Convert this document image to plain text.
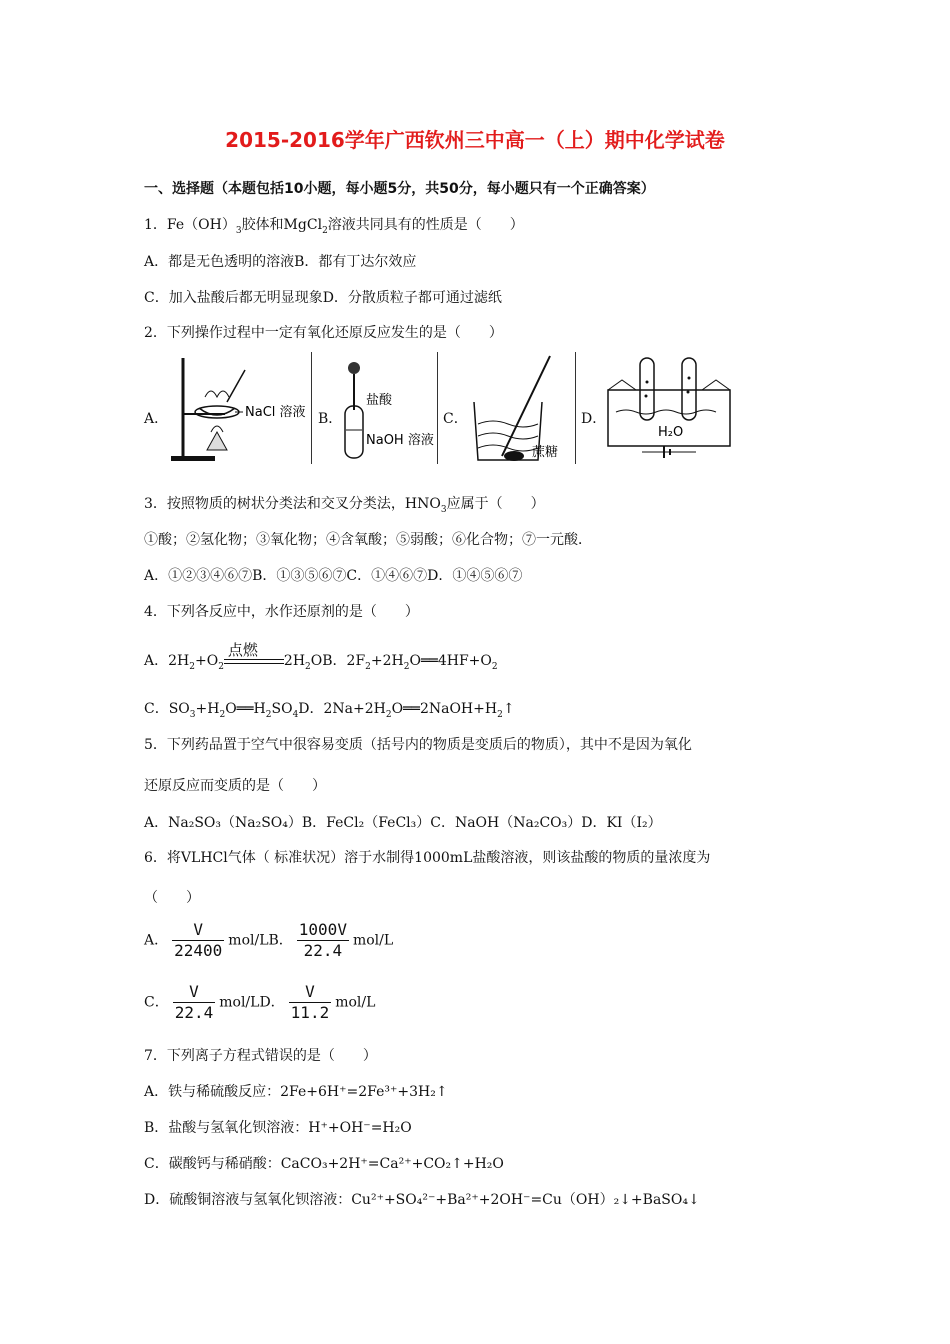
2015-2016学年广西钦州三中高一（上）期中化学试卷
一、选择题（本题包括10小题，每小题5分，共50分，每小题只有一个正确答案）
1．$Fe(OH)_3$胶体和MgCl$_2$溶液共同具有的性质是（　　）
A．都是无色透明的溶液B．都有丁达尔效应
C．加入盐酸后都无明显现象D．分散质粒子都可通过滤纸
2．下列操作过程中一定有氧化还原反应发生的是（　　）
A．	NaCl 溶液 B．
盐酸
NaOH 溶液
C．
蔗糖
D．
H₂O
3．按照物质的树状分类法和交叉分类法，$HNO_3$应属于（　　）
①酸；②氢化物；③氧化物；④含氧酸；⑤弱酸；⑥化合物；⑦一元酸．
A．①②③④⑥⑦B．①③⑤⑥⑦C．①④⑥⑦D．①④⑤⑥⑦
4．下列各反应中，水作还原剂的是（　　）
A．$2H_2+O_2$
点燃
$2H_2OB$．$2F_2+2H_2O══4HF+O_2$
C．$SO_3+H_2O══H_2SO_4D$．$2Na+2H_2O══2NaOH+H_2↑$
5．下列药品置于空气中很容易变质（括号内的物质是变质后的物质），其中不是因为氧化
还原反应而变质的是（　　）
A．Na₂SO₃（Na₂SO₄）B．FeCl₂（FeCl₃）C．NaOH（Na₂CO₃）D．KI（I₂）
6．将VLHCl气体（ 标准状况）溶于水制得1000mL盐酸溶液，则该盐酸的物质的量浓度为
（　　）
A． $\frac{V}{22400} mol/LB$． $\frac{1000V}{22.4} mol/L$
C． $\frac{V}{22.4} mol/LD$． $\frac{V}{11.2} mol/L$
7．下列离子方程式错误的是（　　）
A．铁与稀硫酸反应：2Fe+6H⁺=2Fe³⁺+3H₂↑
B．盐酸与氢氧化钡溶液：H⁺+OH⁻=H₂O
C．碳酸钙与稀硝酸：CaCO₃+2H⁺=Ca²⁺+CO₂↑+H₂O
D．硫酸铜溶液与氢氧化钡溶液：Cu²⁺+SO₄²⁻+Ba²⁺+2OH⁻=Cu（OH）₂↓+BaSO₄↓
